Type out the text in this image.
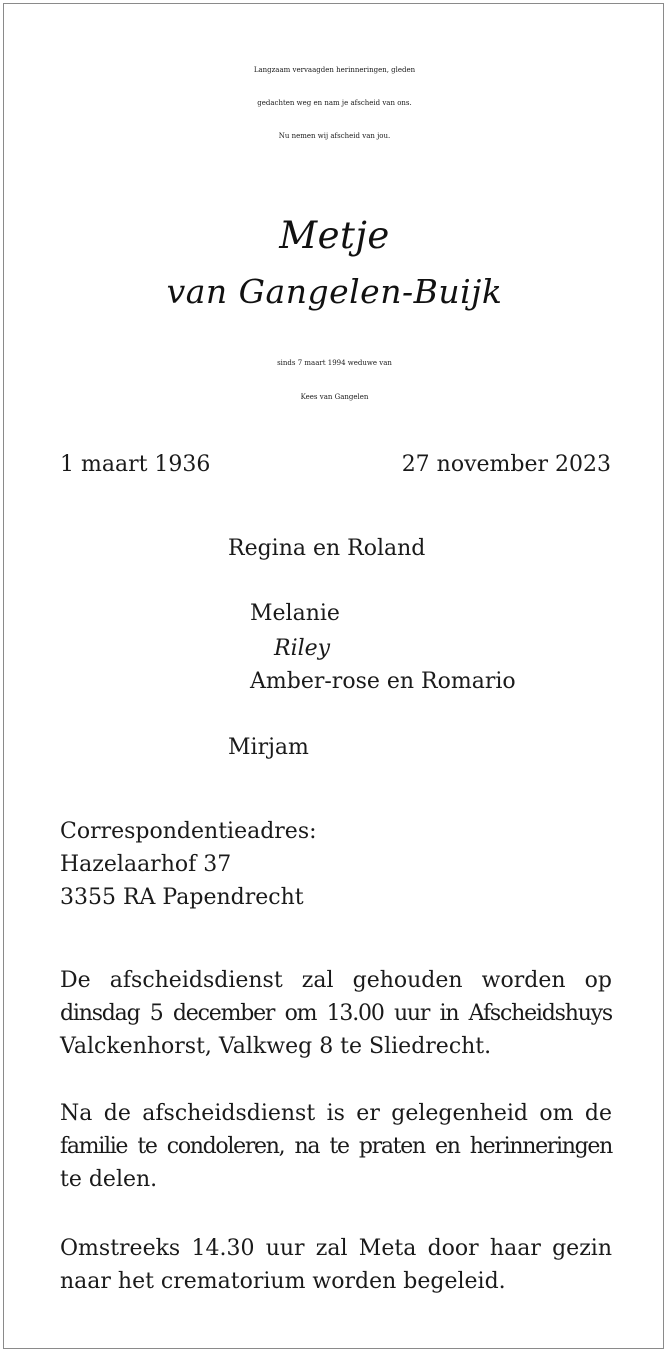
Langzaam vervaagden herinneringen, gleden
gedachten weg en nam je afscheid van ons.
Nu nemen wij afscheid van jou.
Metje
van Gangelen-Buijk
sinds 7 maart 1994 weduwe van
Kees van Gangelen
1 maart 1936	27 november 2023
Regina en Roland
Melanie
Riley
Amber-rose en Romario
Mirjam
Correspondentieadres:
Hazelaarhof 37
3355 RA Papendrecht
De afscheidsdienst zal gehouden worden op
dinsdag 5 december om 13.00 uur in Afscheidshuys
Valckenhorst, Valkweg 8 te Sliedrecht.
Na de afscheidsdienst is er gelegenheid om de
familie te condoleren, na te praten en herinneringen
te delen.
Omstreeks 14.30 uur zal Meta door haar gezin
naar het crematorium worden begeleid.
